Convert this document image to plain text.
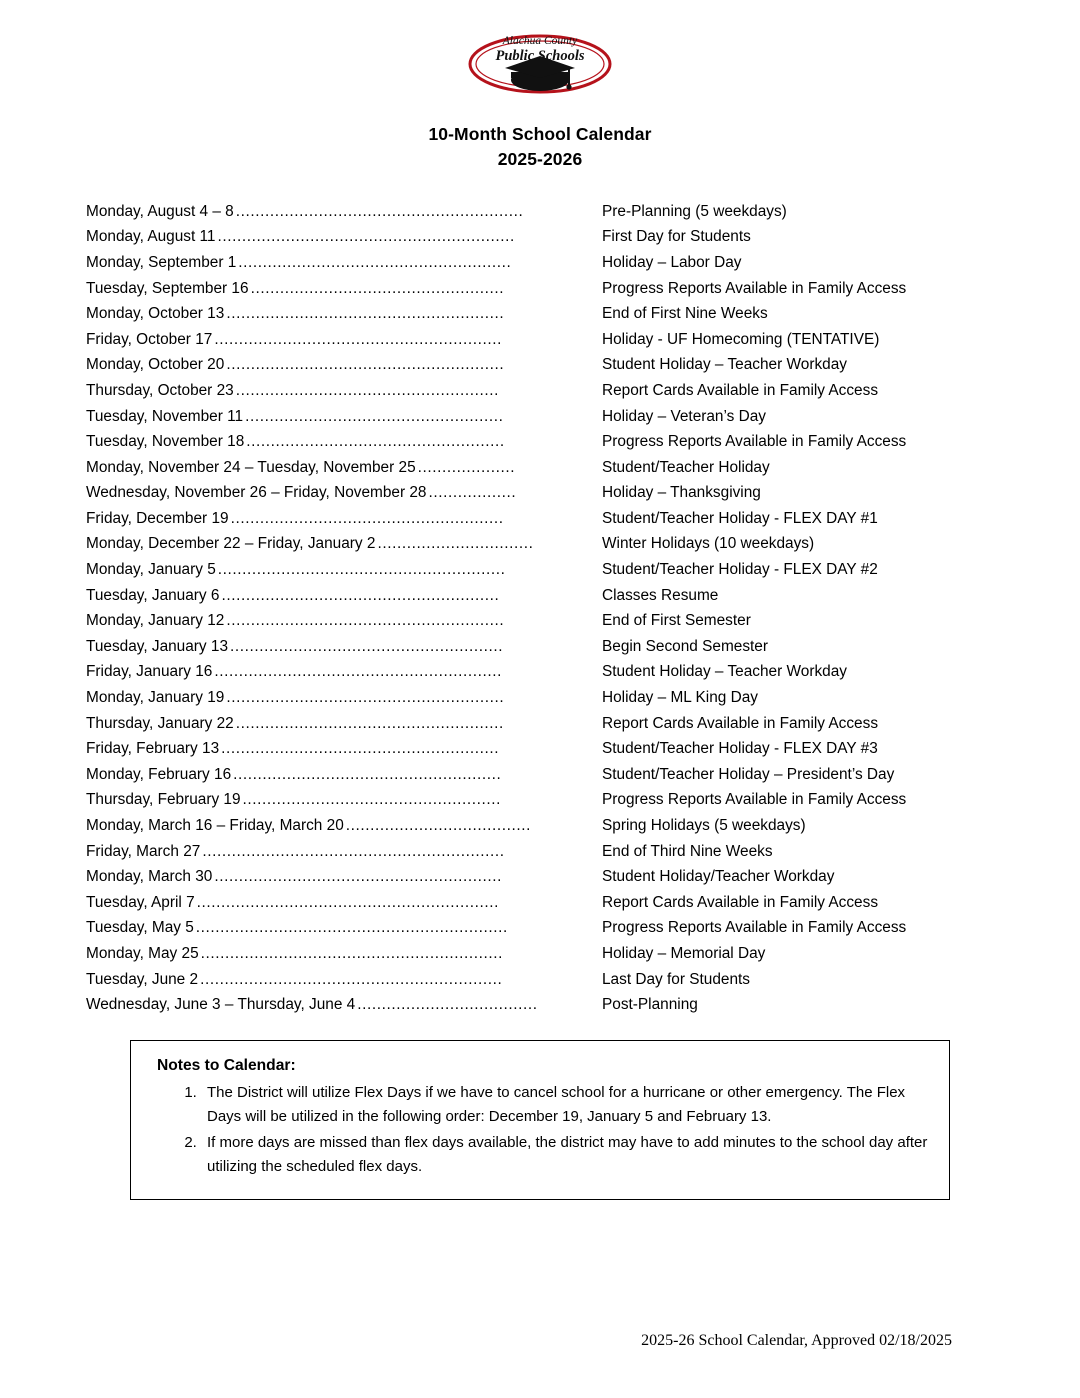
Alachua County
Public Schools
10-Month School Calendar
2025-2026
Monday, August 4 – 8 ...........................................................	Pre-Planning (5 weekdays)
Monday, August 11 .............................................................	First Day for Students
Monday, September 1 ........................................................	Holiday – Labor Day
Tuesday, September 16 ....................................................	Progress Reports Available in Family Access
Monday, October 13 .........................................................	End of First Nine Weeks
Friday, October 17 ...........................................................	Holiday - UF Homecoming (TENTATIVE)
Monday, October 20 .........................................................	Student Holiday – Teacher Workday
Thursday, October 23 ......................................................	Report Cards Available in Family Access
Tuesday, November 11 .....................................................	Holiday – Veteran’s Day
Tuesday, November 18 .....................................................	Progress Reports Available in Family Access
Monday, November 24 – Tuesday, November 25 ....................	Student/Teacher Holiday
Wednesday, November 26 – Friday, November 28 ..................	Holiday – Thanksgiving
Friday, December 19 ........................................................	Student/Teacher Holiday - FLEX DAY #1
Monday, December 22 – Friday, January 2 ................................	Winter Holidays (10 weekdays)
Monday, January 5 ...........................................................	Student/Teacher Holiday - FLEX DAY #2
Tuesday, January 6 .........................................................	Classes Resume
Monday, January 12 .........................................................	End of First Semester
Tuesday, January 13 ........................................................	Begin Second Semester
Friday, January 16 ...........................................................	Student Holiday – Teacher Workday
Monday, January 19 .........................................................	Holiday – ML King Day
Thursday, January 22 .......................................................	Report Cards Available in Family Access
Friday, February 13 .........................................................	Student/Teacher Holiday - FLEX DAY #3
Monday, February 16 .......................................................	Student/Teacher Holiday – President’s Day
Thursday, February 19 .....................................................	Progress Reports Available in Family Access
Monday, March 16 – Friday, March 20 ......................................	Spring Holidays (5 weekdays)
Friday, March 27 ..............................................................	End of Third Nine Weeks
Monday, March 30 ...........................................................	Student Holiday/Teacher Workday
Tuesday, April 7 ..............................................................	Report Cards Available in Family Access
Tuesday, May 5 ................................................................	Progress Reports Available in Family Access
Monday, May 25 ..............................................................	Holiday – Memorial Day
Tuesday, June 2 ..............................................................	Last Day for Students
Wednesday, June 3 – Thursday, June 4 .....................................	Post-Planning
Notes to Calendar:
1. The District will utilize Flex Days if we have to cancel school for a hurricane or other emergency. The Flex Days will be utilized in the following order: December 19, January 5 and February 13.
2. If more days are missed than flex days available, the district may have to add minutes to the school day after utilizing the scheduled flex days.
2025-26 School Calendar, Approved 02/18/2025
